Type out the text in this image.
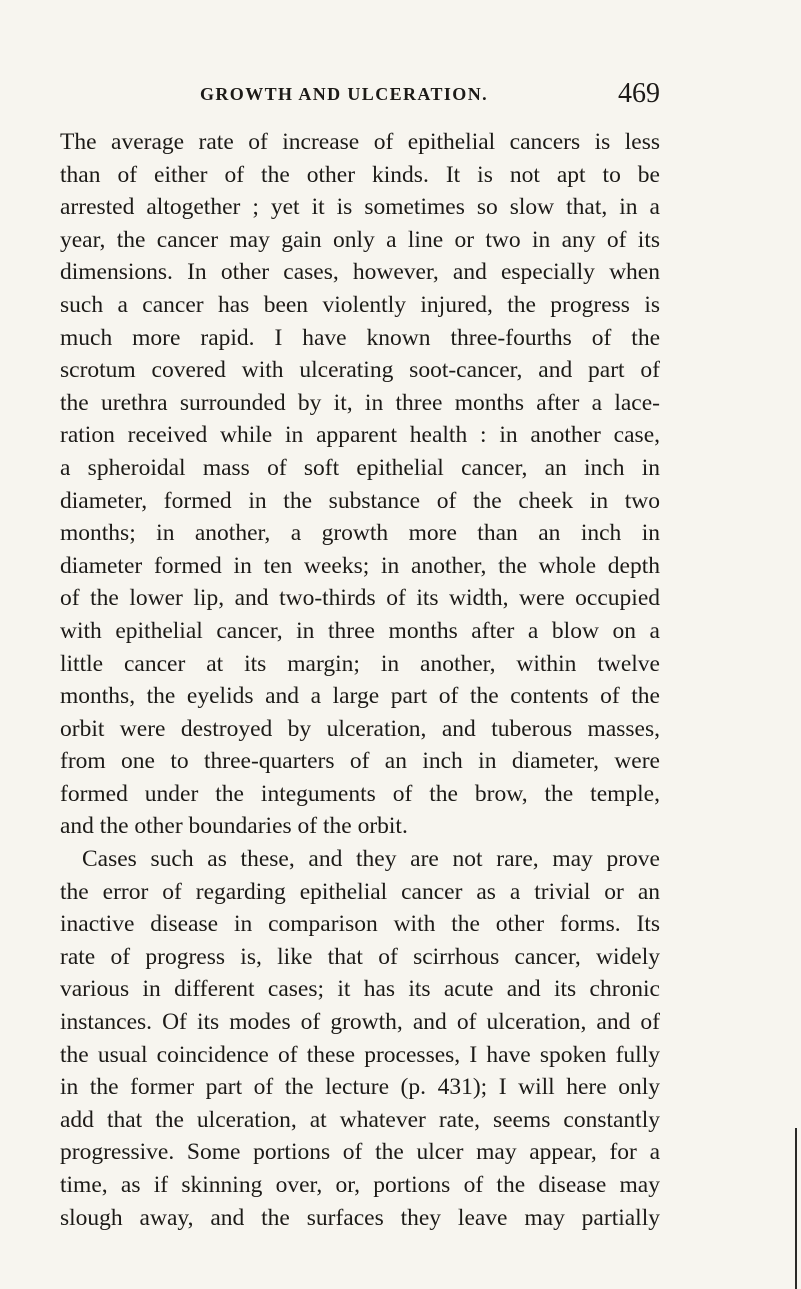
GROWTH AND ULCERATION.	469
The average rate of increase of epithelial cancers is less
than of either of the other kinds. It is not apt to be
arrested altogether ; yet it is sometimes so slow that, in a
year, the cancer may gain only a line or two in any of its
dimensions. In other cases, however, and especially when
such a cancer has been violently injured, the progress is
much more rapid. I have known three-fourths of the
scrotum covered with ulcerating soot-cancer, and part of
the urethra surrounded by it, in three months after a lace-
ration received while in apparent health : in another case,
a spheroidal mass of soft epithelial cancer, an inch in
diameter, formed in the substance of the cheek in two
months; in another, a growth more than an inch in
diameter formed in ten weeks; in another, the whole depth
of the lower lip, and two-thirds of its width, were occupied
with epithelial cancer, in three months after a blow on a
little cancer at its margin; in another, within twelve
months, the eyelids and a large part of the contents of the
orbit were destroyed by ulceration, and tuberous masses,
from one to three-quarters of an inch in diameter, were
formed under the integuments of the brow, the temple,
and the other boundaries of the orbit.
Cases such as these, and they are not rare, may prove
the error of regarding epithelial cancer as a trivial or an
inactive disease in comparison with the other forms. Its
rate of progress is, like that of scirrhous cancer, widely
various in different cases; it has its acute and its chronic
instances. Of its modes of growth, and of ulceration, and of
the usual coincidence of these processes, I have spoken fully
in the former part of the lecture (p. 431); I will here only
add that the ulceration, at whatever rate, seems constantly
progressive. Some portions of the ulcer may appear, for a
time, as if skinning over, or, portions of the disease may
slough away, and the surfaces they leave may partially
